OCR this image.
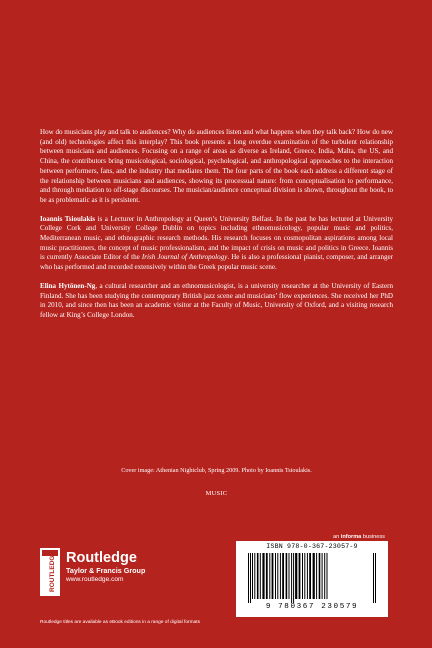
How do musicians play and talk to audiences? Why do audiences listen and what happens when they talk back? How do new (and old) technologies affect this interplay? This book presents a long overdue examination of the turbulent relationship between musicians and audiences. Focusing on a range of areas as diverse as Ireland, Greece, India, Malta, the US, and China, the contributors bring musicological, sociological, psychological, and anthropological approaches to the interaction between performers, fans, and the industry that mediates them. The four parts of the book each address a different stage of the relationship between musicians and audiences, showing its processual nature: from conceptualisation to performance, and through mediation to off-stage discourses. The musician/audience conceptual division is shown, throughout the book, to be as problematic as it is persistent.

Ioannis Tsioulakis is a Lecturer in Anthropology at Queen’s University Belfast. In the past he has lectured at University College Cork and University College Dublin on topics including ethnomusicology, popular music and politics, Mediterranean music, and ethnographic research methods. His research focuses on cosmopolitan aspirations among local music practitioners, the concept of music professionalism, and the impact of crisis on music and politics in Greece. Ioannis is currently Associate Editor of the Irish Journal of Anthropology. He is also a professional pianist, composer, and arranger who has performed and recorded extensively within the Greek popular music scene.

Elina Hytönen-Ng, a cultural researcher and an ethnomusicologist, is a university researcher at the University of Eastern Finland. She has been studying the contemporary British jazz scene and musicians’ flow experiences. She received her PhD in 2010, and since then has been an academic visitor at the Faculty of Music, University of Oxford, and a visiting research fellow at King’s College London.

Cover image: Athenian Nightclub, Spring 2009. Photo by Ioannis Tsioulakis.
MUSIC
an informa business
ROUTLEDGE Routledge
Taylor & Francis Group
www.routledge.com
Routledge titles are available as eBook editions in a range of digital formats
ISBN 978-0-367-23057-9
9 780367 230579
